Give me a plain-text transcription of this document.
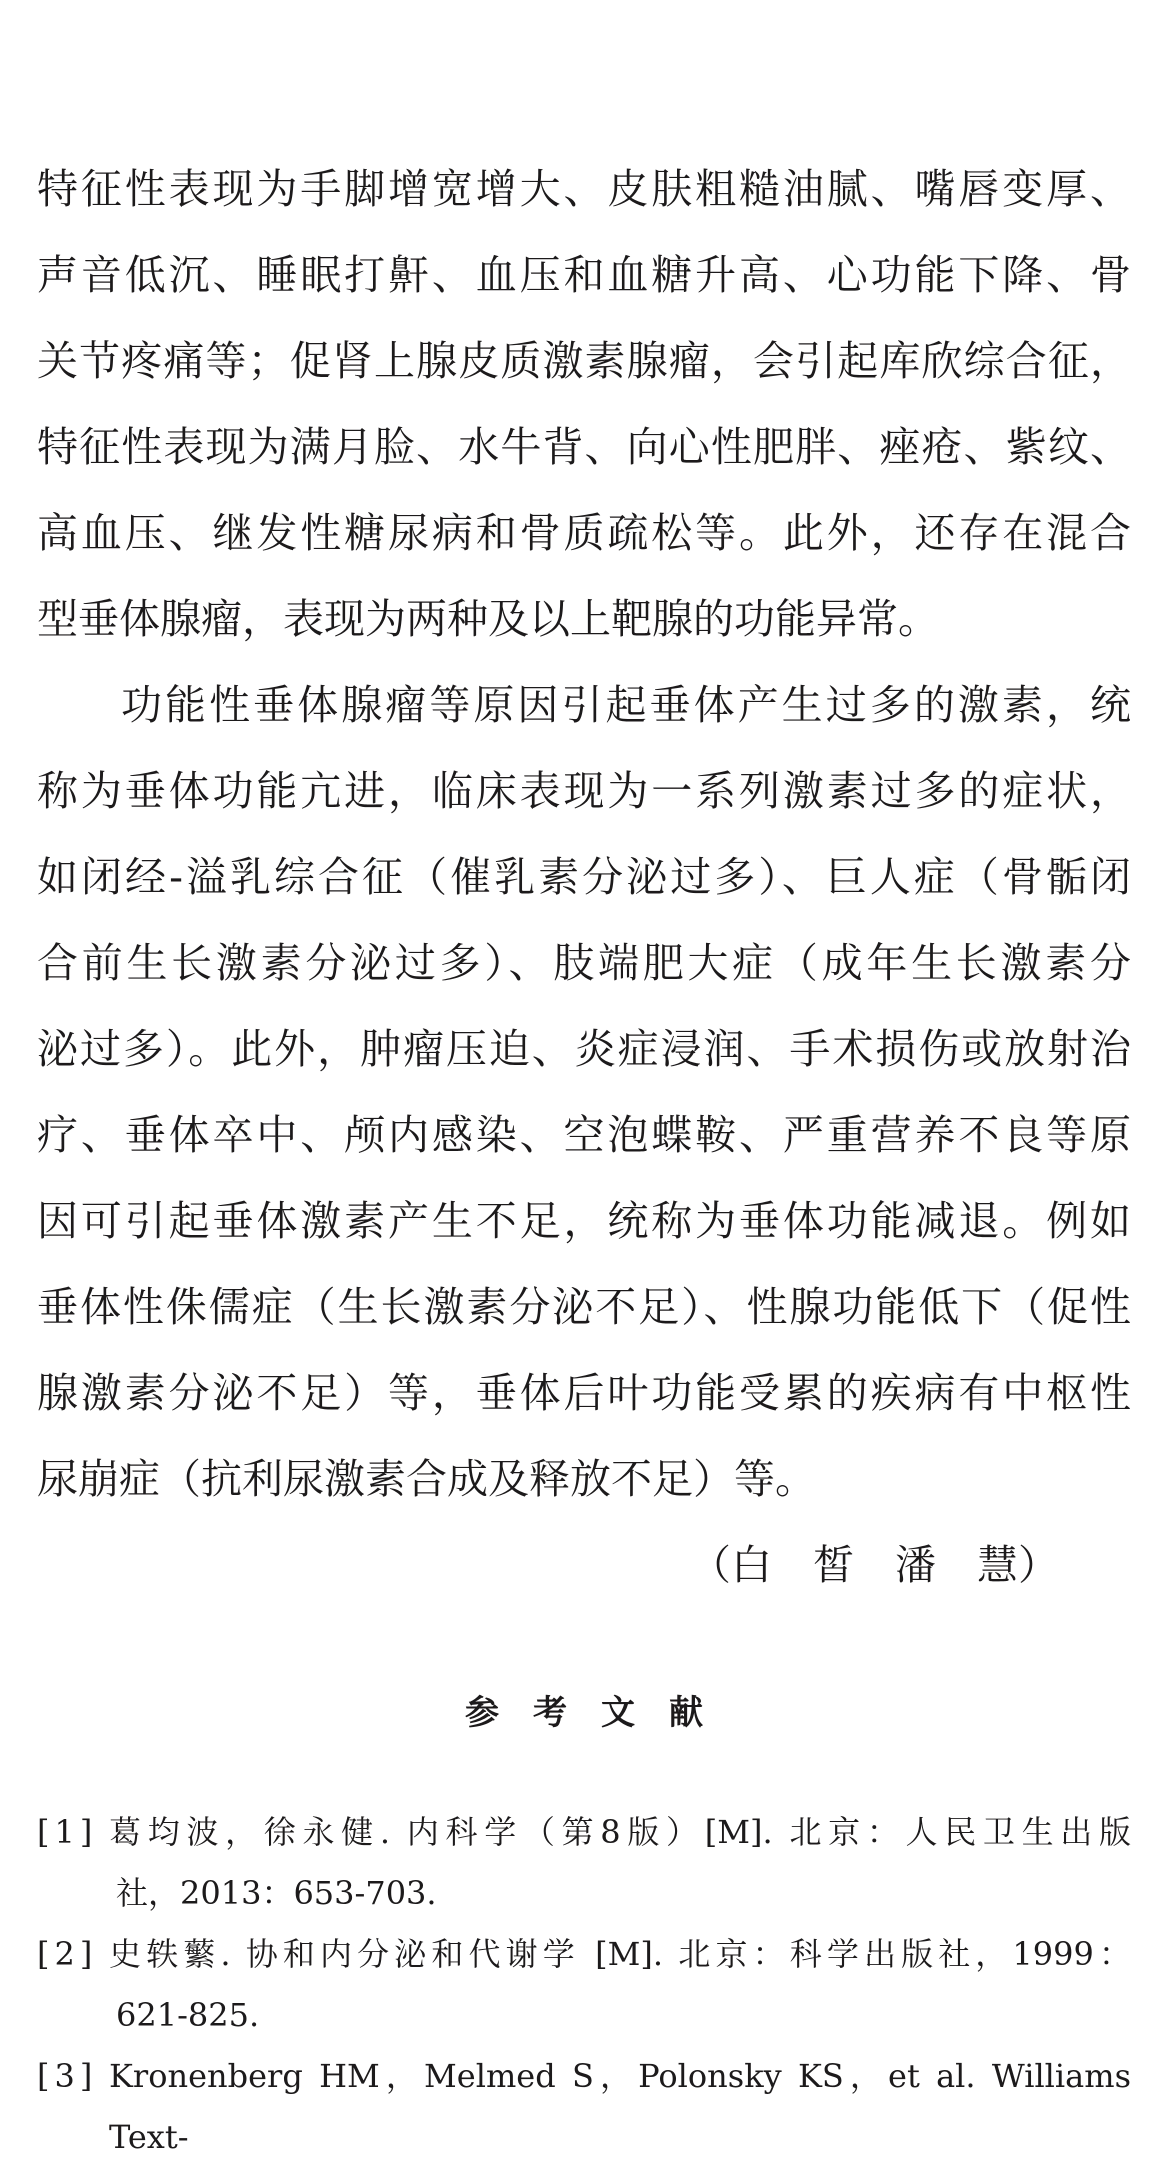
特征性表现为手脚增宽增大、皮肤粗糙油腻、嘴唇变厚、
声音低沉、睡眠打鼾、血压和血糖升高、心功能下降、骨
关节疼痛等；促肾上腺皮质激素腺瘤，会引起库欣综合征，
特征性表现为满月脸、水牛背、向心性肥胖、痤疮、紫纹、
高血压、继发性糖尿病和骨质疏松等。此外，还存在混合
型垂体腺瘤，表现为两种及以上靶腺的功能异常。
功能性垂体腺瘤等原因引起垂体产生过多的激素，统
称为垂体功能亢进，临床表现为一系列激素过多的症状，
如闭经-溢乳综合征（催乳素分泌过多）、巨人症（骨骺闭
合前生长激素分泌过多）、肢端肥大症（成年生长激素分
泌过多）。此外，肿瘤压迫、炎症浸润、手术损伤或放射治
疗、垂体卒中、颅内感染、空泡蝶鞍、严重营养不良等原
因可引起垂体激素产生不足，统称为垂体功能减退。例如
垂体性侏儒症（生长激素分泌不足）、性腺功能低下（促性
腺激素分泌不足）等，垂体后叶功能受累的疾病有中枢性
尿崩症（抗利尿激素合成及释放不足）等。
（白　皙　潘　慧）
参　考　文　献
[1] 葛均波，徐永健. 内科学（第8版）[M]. 北京：人民卫生出版
社，2013：653-703.
[2] 史轶蘩. 协和内分泌和代谢学 [M]. 北京：科学出版社，1999：
621-825.
[3] Kronenberg HM，Melmed S，Polonsky KS，et al. Williams Text-
